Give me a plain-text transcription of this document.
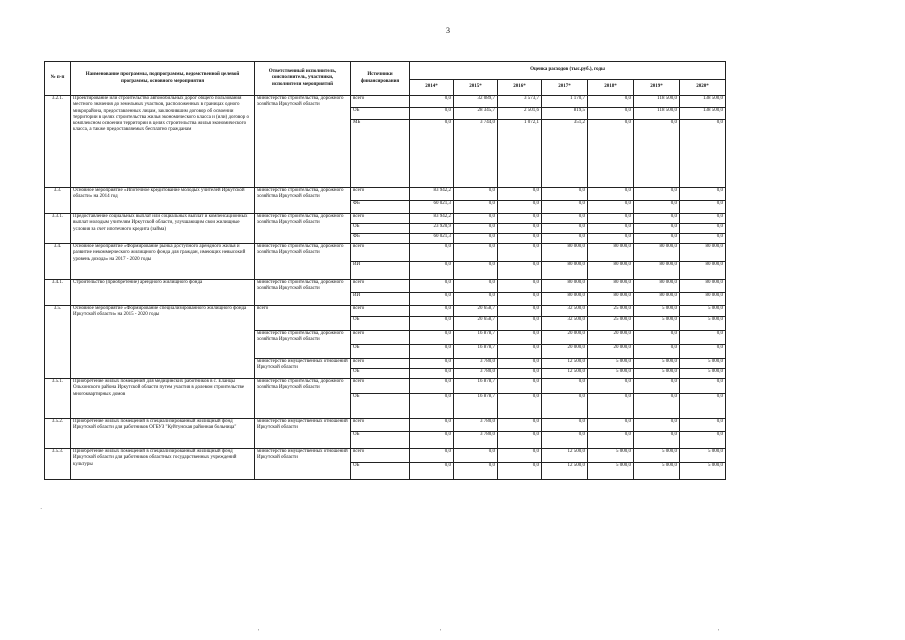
3
№ п-п	Наименование программы, подпрограммы, ведомственной целевой программы, основного мероприятия	Ответственный исполнитель, соисполнитель, участники, исполнители мероприятий	Источники финансирования	Оценка расходов (тыс.руб.), годы						
				2014*	2015*	2016*	2017*	2018*	2019*	2020*
3.2.1.	Проектирование или строительство автомобильных дорог общего пользования местного значения до земельных участков, расположенных в границах одного микрорайона, предоставленных лицам, заключившим договор об освоении территории в целях строительства жилья экономического класса и (или) договор о комплексном освоении территории в целях строительства жилья экономического класса, а также предоставляемых бесплатно гражданам	министерство строительства, дорожного хозяйства Иркутской области	всего	0,0	32 089,7	3 573,7	1 170,7	0,0	118 500,0	138 500,0
			ОБ	0,0	28 345,7	2 501,6	819,5	0,0	118 500,0	138 500,0
			МБ	0,0	3 744,0	1 072,1	351,2	0,0	0,0	0,0
3.3.	Основное мероприятие «Ипотечное кредитование молодых учителей Иркутской области» на 2014 год	министерство строительства, дорожного хозяйства Иркутской области	всего	83 942,2	0,0	0,0	0,0	0,0	0,0	0,0
			ФБ	60 021,3	0,0	0,0	0,0	0,0	0,0	0,0
3.3.1.	Предоставление социальных выплат или социальных выплат и компенсационных выплат молодым учителям Иркутской области, улучшающим свои жилищные условия за счет ипотечного кредита (займа)	министерство строительства, дорожного хозяйства Иркутской области	всего	83 942,2	0,0	0,0	0,0	0,0	0,0	0,0
			ОБ	23 920,9	0,0	0,0	0,0	0,0	0,0	0,0
			ФБ	60 021,3	0,0	0,0	0,0	0,0	0,0	0,0
3.4.	Основное мероприятие «Формирование рынка доступного арендного жилья и развитие некоммерческого жилищного фонда для граждан, имеющих невысокий уровень дохода» на 2017 - 2020 годы	министерство строительства, дорожного хозяйства Иркутской области	всего	0,0	0,0	0,0	80 000,0	80 000,0	80 000,0	80 000,0
			ИИ	0,0	0,0	0,0	80 000,0	80 000,0	80 000,0	80 000,0
3.4.1.	Строительство (приобретение) арендного жилищного фонда	министерство строительства, дорожного хозяйства Иркутской области	всего	0,0	0,0	0,0	80 000,0	80 000,0	80 000,0	80 000,0
			ИИ	0,0	0,0	0,0	80 000,0	80 000,0	80 000,0	80 000,0
3.5.	Основное мероприятие «Формирование специализированного жилищного фонда Иркутской области» на 2015 - 2020 годы	всего	всего	0,0	20 658,7	0,0	32 500,0	25 000,0	5 000,0	5 000,0
			ОБ	0,0	20 658,7	0,0	32 500,0	25 000,0	5 000,0	5 000,0
		министерство строительства, дорожного хозяйства Иркутской области	всего	0,0	16 878,7	0,0	20 000,0	20 000,0	0,0	0,0
			ОБ	0,0	16 878,7	0,0	20 000,0	20 000,0	0,0	0,0
		министерство имущественных отношений Иркутской области	всего	0,0	3 780,0	0,0	12 500,0	5 000,0	5 000,0	5 000,0
			ОБ	0,0	3 780,0	0,0	12 500,0	5 000,0	5 000,0	5 000,0
3.5.1.	Приобретение жилых помещений для медицинских работников в с. Еланцы Ольхонского района Иркутской области путем участия в долевом строительстве многоквартирных домов	министерство строительства, дорожного хозяйства Иркутской области	всего	0,0	16 878,7	0,0	0,0	0,0	0,0	0,0
			ОБ	0,0	16 878,7	0,0	0,0	0,0	0,0	0,0
3.5.2.	Приобретение жилых помещений в специализированный жилищный фонд Иркутской области для работников ОГБУЗ "Куйтунская районная больница"	министерство имущественных отношений Иркутской области	всего	0,0	3 780,0	0,0	0,0	0,0	0,0	0,0
			ОБ	0,0	3 780,0	0,0	0,0	0,0	0,0	0,0
3.5.3.	Приобретение жилых помещений в специализированный жилищный фонд Иркутской области для работников областных государственных учреждений культуры	министерство имущественных отношений Иркутской области	всего	0,0	0,0	0,0	12 500,0	5 000,0	5 000,0	5 000,0
			ОБ	0,0	0,0	0,0	12 500,0	5 000,0	5 000,0	5 000,0
·
'	'	'
